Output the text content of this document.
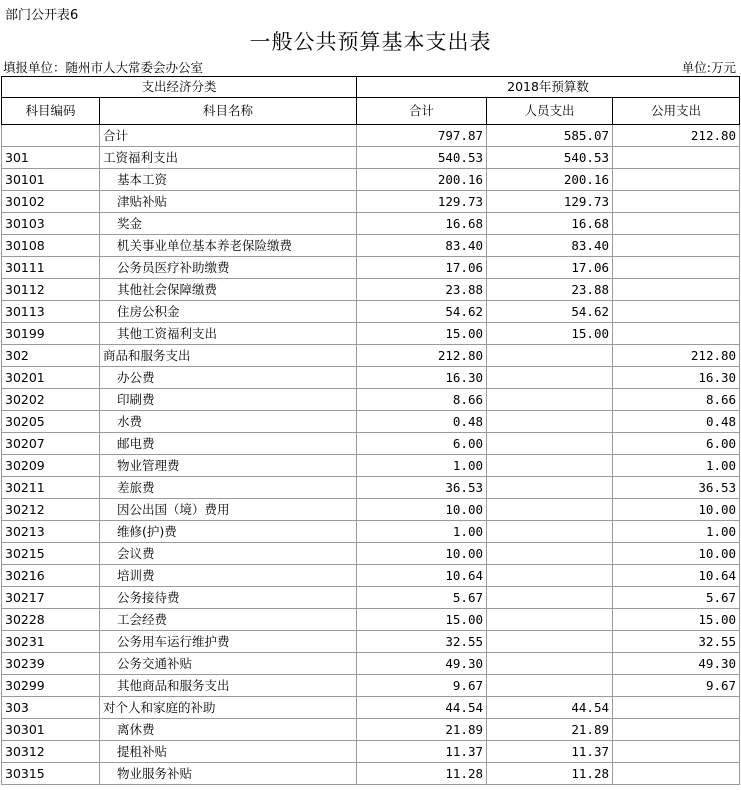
部门公开表6
一般公共预算基本支出表
填报单位：随州市人大常委会办公室	单位:万元
支出经济分类		2018年预算数		
科目编码	科目名称	合计	人员支出	公用支出
	合计	797.87	585.07	212.80
301	工资福利支出	540.53	540.53	
30101	基本工资	200.16	200.16	
30102	津贴补贴	129.73	129.73	
30103	奖金	16.68	16.68	
30108	机关事业单位基本养老保险缴费	83.40	83.40	
30111	公务员医疗补助缴费	17.06	17.06	
30112	其他社会保障缴费	23.88	23.88	
30113	住房公积金	54.62	54.62	
30199	其他工资福利支出	15.00	15.00	
302	商品和服务支出	212.80		212.80
30201	办公费	16.30		16.30
30202	印刷费	8.66		8.66
30205	水费	0.48		0.48
30207	邮电费	6.00		6.00
30209	物业管理费	1.00		1.00
30211	差旅费	36.53		36.53
30212	因公出国（境）费用	10.00		10.00
30213	维修(护)费	1.00		1.00
30215	会议费	10.00		10.00
30216	培训费	10.64		10.64
30217	公务接待费	5.67		5.67
30228	工会经费	15.00		15.00
30231	公务用车运行维护费	32.55		32.55
30239	公务交通补贴	49.30		49.30
30299	其他商品和服务支出	9.67		9.67
303	对个人和家庭的补助	44.54	44.54	
30301	离休费	21.89	21.89	
30312	提租补贴	11.37	11.37	
30315	物业服务补贴	11.28	11.28	
